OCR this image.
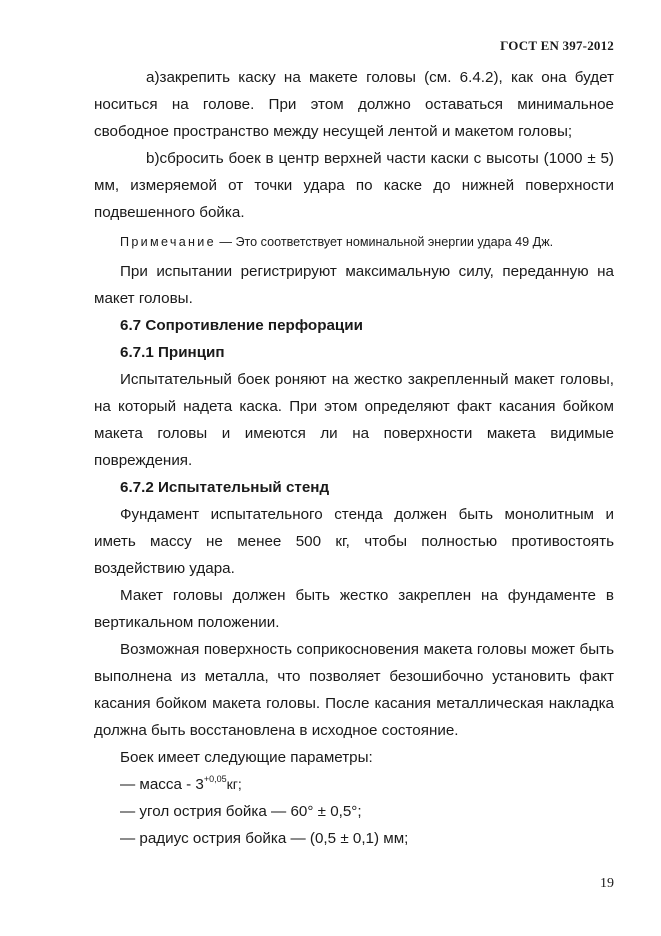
ГОСТ EN 397-2012

a)закрепить каску на макете головы (см. 6.4.2), как она будет носиться на голове. При этом должно оставаться минимальное свободное пространство между несущей лентой и макетом головы;

b)сбросить боек в центр верхней части каски с высоты (1000 ± 5) мм, измеряемой от точки удара по каске до нижней поверхности подвешенного бойка.

Примечание — Это соответствует номинальной энергии удара 49 Дж.

При испытании регистрируют максимальную силу, переданную на макет головы.

6.7 Сопротивление перфорации

6.7.1 Принцип

Испытательный боек роняют на жестко закрепленный макет головы, на который надета каска. При этом определяют факт касания бойком макета головы и имеются ли на поверхности макета видимые повреждения.

6.7.2 Испытательный стенд

Фундамент испытательного стенда должен быть монолитным и иметь массу не менее 500 кг, чтобы полностью противостоять воздействию удара.

Макет головы должен быть жестко закреплен на фундаменте в вертикальном положении.

Возможная поверхность соприкосновения макета головы может быть выполнена из металла, что позволяет безошибочно установить факт касания бойком макета головы. После касания металлическая накладка должна быть восстановлена в исходное состояние.

Боек имеет следующие параметры:

— масса - $3^{+0,05}кг$;

— угол острия бойка — 60° ± 0,5°;

— радиус острия бойка — (0,5 ± 0,1) мм;

19
